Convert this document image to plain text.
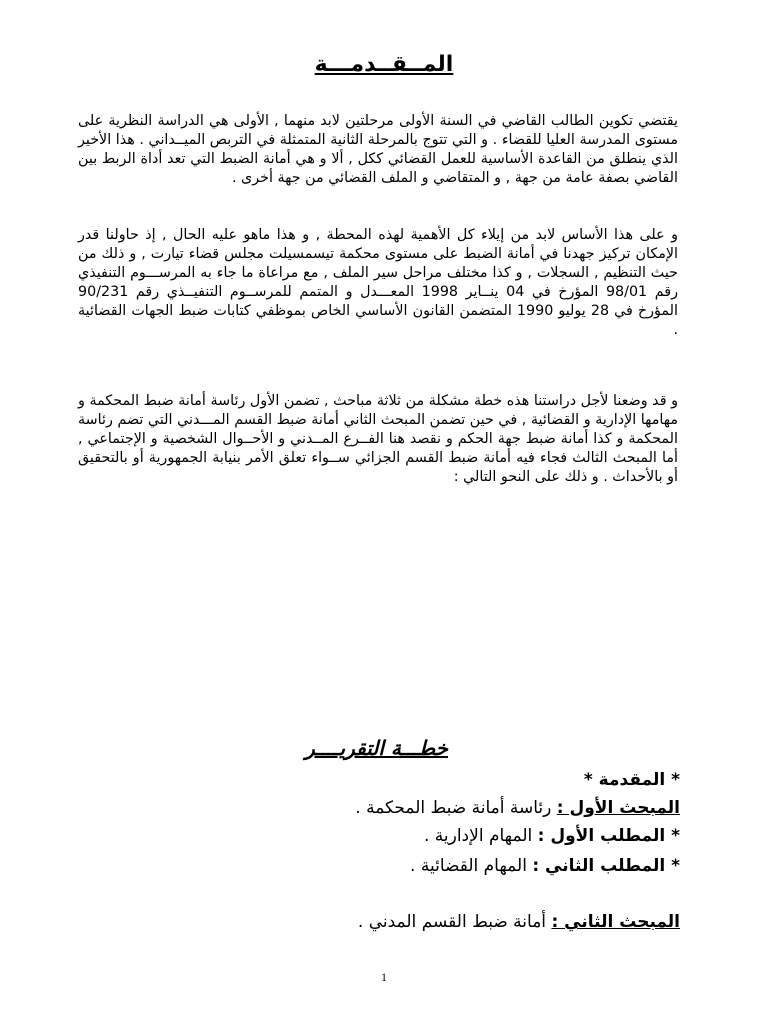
المــقــدمـــة

يقتضي تكوين الطالب القاضي في السنة الأولى مرحلتين لابد منهما , الأولى هي الدراسة النظرية على مستوى المدرسة العليا للقضاء . و التي تتوج بالمرحلة الثانية المتمثلة في التربص الميــداني . هذا الأخير الذي ينطلق من القاعدة الأساسية للعمل القضائي ككل , ألا و هي أمانة الضبط التي تعد أداة الربط بين القاضي بصفة عامة من جهة , و المتقاضي و الملف القضائي من جهة أخرى .

و على هذا الأساس لابد من إيلاء كل الأهمية لهذه المحطة , و هذا ماهو عليه الحال , إذ حاولنا قدر الإمكان تركيز جهدنا في أمانة الضبط على مستوى محكمة تيسمسيلت مجلس قضاء تيارت , و ذلك من حيث التنظيم , السجلات , و كذا مختلف مراحل سير الملف , مع مراعاة ما جاء به المرســـوم التنفيذي رقم 98/01 المؤرخ في 04 ينــاير 1998 المعـــدل و المتمم للمرســوم التنفيــذي رقم 90/231 المؤرخ في 28 يوليو 1990 المتضمن القانون الأساسي الخاص بموظفي كتابات ضبط الجهات القضائية .

و قد وضعنا لأجل دراستنا هذه خطة مشكلة من ثلاثة مباحث , تضمن الأول رئاسة أمانة ضبط المحكمة و مهامها الإدارية و القضائية , في حين تضمن المبحث الثاني أمانة ضبط القسم المـــدني التي تضم رئاسة المحكمة و كذا أمانة ضبط جهة الحكم و نقصد هنا الفــرع المــدني و الأحــوال الشخصية و الإجتماعي , أما المبحث الثالث فجاء فيه أمانة ضبط القسم الجزائي ســواء تعلق الأمر بنيابة الجمهورية أو بالتحقيق أو بالأحداث . و ذلك على النحو التالي :

خطـــة التقريــــر
* المقدمة *
المبحث الأول : رئاسة أمانة ضبط المحكمة .
* المطلب الأول : المهام الإدارية .
* المطلب الثاني : المهام القضائية .
المبحث الثاني : أمانة ضبط القسم المدني .
1
